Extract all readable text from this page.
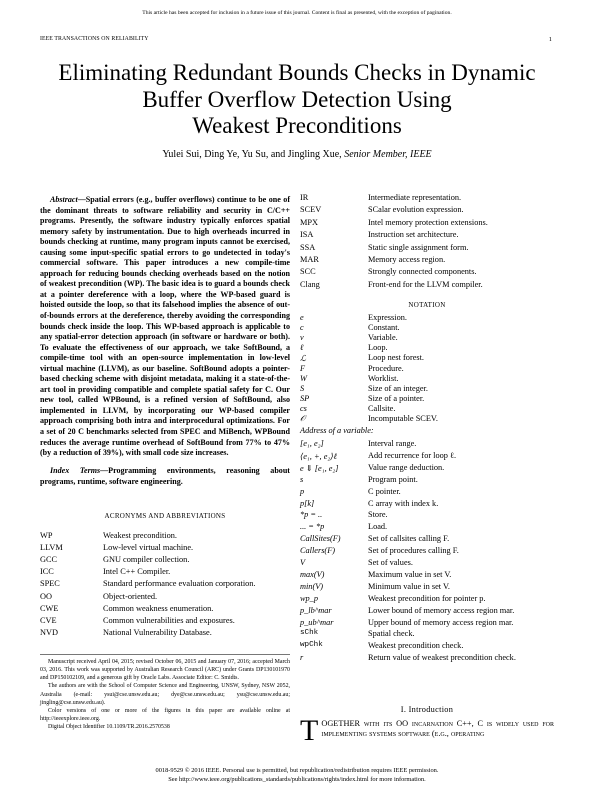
This article has been accepted for inclusion in a future issue of this journal. Content is final as presented, with the exception of pagination.
IEEE TRANSACTIONS ON RELIABILITY	1
Eliminating Redundant Bounds Checks in Dynamic
Buffer Overflow Detection Using
Weakest Preconditions
Yulei Sui, Ding Ye, Yu Su, and Jingling Xue, Senior Member, IEEE
Abstract—Spatial errors (e.g., buffer overflows) continue to be one of the dominant threats to software reliability and security in C/C++ programs. Presently, the software industry typically enforces spatial memory safety by instrumentation. Due to high overheads incurred in bounds checking at runtime, many program inputs cannot be exercised, causing some input-specific spatial errors to go undetected in today's commercial software. This paper introduces a new compile-time approach for reducing bounds checking overheads based on the notion of weakest precondition (WP). The basic idea is to guard a bounds check at a pointer dereference with a loop, where the WP-based guard is hoisted outside the loop, so that its falsehood implies the absence of out-of-bounds errors at the dereference, thereby avoiding the corresponding bounds check inside the loop. This WP-based approach is applicable to any spatial-error detection approach (in software or hardware or both). To evaluate the effectiveness of our approach, we take SoftBound, a compile-time tool with an open-source implementation in low-level virtual machine (LLVM), as our baseline. SoftBound adopts a pointer-based checking scheme with disjoint metadata, making it a state-of-the-art tool in providing compatible and complete spatial safety for C. Our new tool, called WPBound, is a refined version of SoftBound, also implemented in LLVM, by incorporating our WP-based compiler approach comprising both intra and interprocedural optimizations. For a set of 20 C benchmarks selected from SPEC and MiBench, WPBound reduces the average runtime overhead of SoftBound from 77% to 47% (by a reduction of 39%), with small code size increases.
Index Terms—Programming environments, reasoning about programs, runtime, software engineering.
ACRONYMS AND ABBREVIATIONS
WP	Weakest precondition.
LLVM	Low-level virtual machine.
GCC	GNU compiler collection.
ICC	Intel C++ Compiler.
SPEC	Standard performance evaluation corporation.
OO	Object-oriented.
CWE	Common weakness enumeration.
CVE	Common vulnerabilities and exposures.
NVD	National Vulnerability Database.
IR	Intermediate representation.
SCEV	SCalar evolution expression.
MPX	Intel memory protection extensions.
ISA	Instruction set architecture.
SSA	Static single assignment form.
MAR	Memory access region.
SCC	Strongly connected components.
Clang	Front-end for the LLVM compiler.
NOTATION
e	Expression.
c	Constant.
v	Variable.
ℓ	Loop.
ℒ	Loop nest forest.
F	Procedure.
W	Worklist.
S	Size of an integer.
SP	Size of a pointer.
cs	Callsite.
𝒪	Incomputable SCEV.
Address of a variable:
[e₁, e₂]	Interval range.
⟨e₁, +, e₂⟩ℓ	Add recurrence for loop ℓ.
e ⇓ [e₁, e₂]	Value range deduction.
s	Program point.
p	C pointer.
p[k]	C array with index k.
*p = ..	Store.
... = *p	Load.
CallSites(F)	Set of callsites calling F.
Callers(F)	Set of procedures calling F.
V	Set of values.
max(V)	Maximum value in set V.
min(V)	Minimum value in set V.
wp_p	Weakest precondition for pointer p.
p_lb^mar	Lower bound of memory access region mar.
p_ub^mar	Upper bound of memory access region mar.
sChk	Spatial check.
wpChk	Weakest precondition check.
r	Return value of weakest precondition check.

Manuscript received April 04, 2015; revised October 06, 2015 and January 07, 2016; accepted March 03, 2016. This work was supported by Australian Research Council (ARC) under Grants DP130101970 and DP150102109, and a generous gift by Oracle Labs. Associate Editor: C. Smidts.

The authors are with the School of Computer Science and Engineering, UNSW, Sydney, NSW 2052, Australia (e-mail: ysui@cse.unsw.edu.au; dye@cse.unsw.edu.au; ysu@cse.unsw.edu.au; jingling@cse.unsw.edu.au).

Color versions of one or more of the figures in this paper are available online at http://ieeexplore.ieee.org.

Digital Object Identifier 10.1109/TR.2016.2570538

I. Introduction
TOGETHER with its OO incarnation C++, C is widely used for implementing systems software (e.g., operating
0018-9529 © 2016 IEEE. Personal use is permitted, but republication/redistribution requires IEEE permission.
See http://www.ieee.org/publications_standards/publications/rights/index.html for more information.
